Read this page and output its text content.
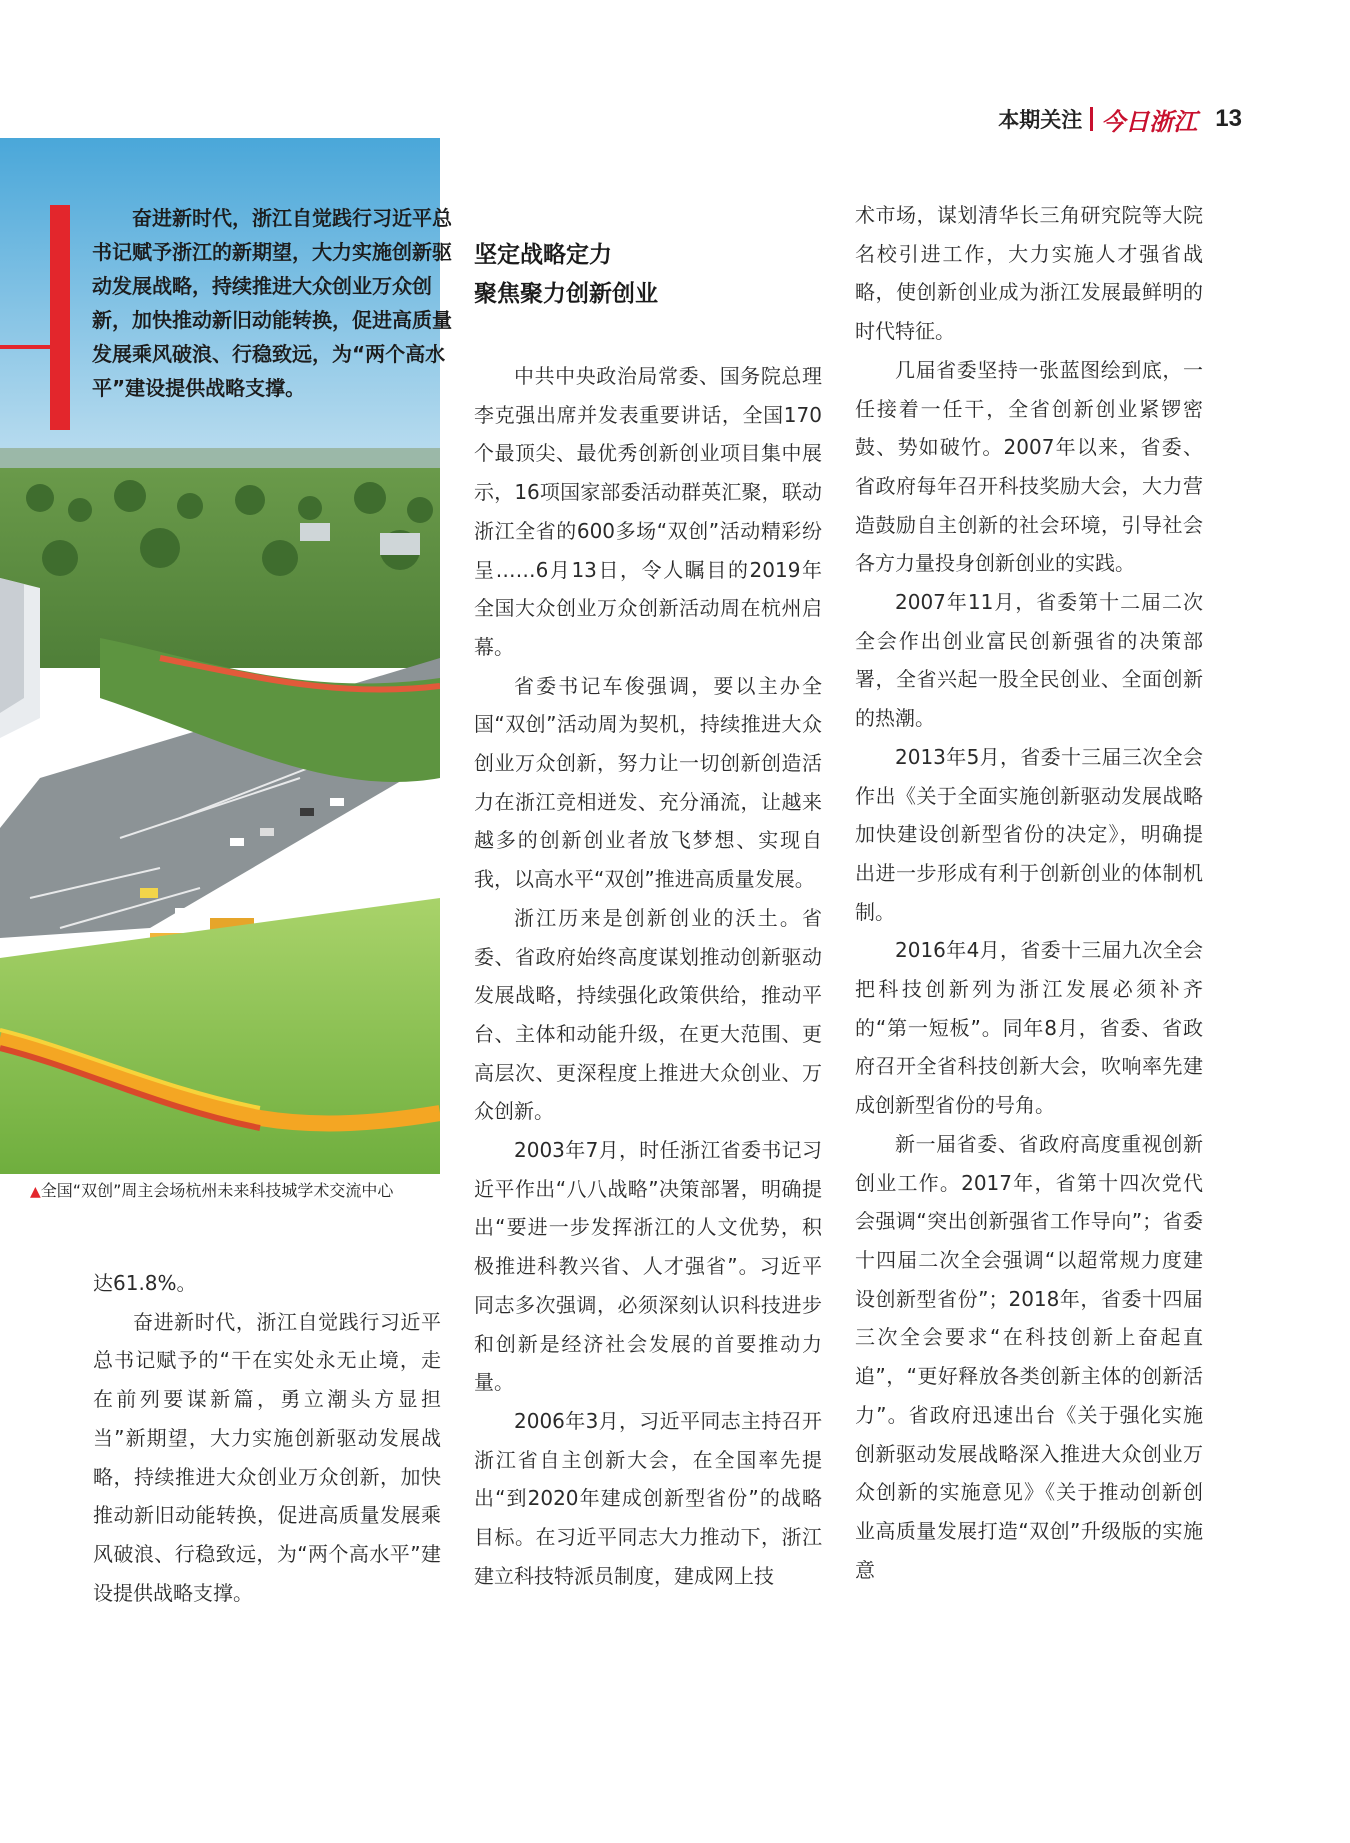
本期关注 今日浙江 13

奋进新时代，浙江自觉践行习近平总书记赋予浙江的新期望，大力实施创新驱动发展战略，持续推进大众创业万众创新，加快推动新旧动能转换，促进高质量发展乘风破浪、行稳致远，为“两个高水平”建设提供战略支撑。

▲全国“双创”周主会场杭州未来科技城学术交流中心
坚定战略定力
聚焦聚力创新创业

达61.8%。

奋进新时代，浙江自觉践行习近平总书记赋予的“干在实处永无止境，走在前列要谋新篇，勇立潮头方显担当”新期望，大力实施创新驱动发展战略，持续推进大众创业万众创新，加快推动新旧动能转换，促进高质量发展乘风破浪、行稳致远，为“两个高水平”建设提供战略支撑。

中共中央政治局常委、国务院总理李克强出席并发表重要讲话，全国170个最顶尖、最优秀创新创业项目集中展示，16项国家部委活动群英汇聚，联动浙江全省的600多场“双创”活动精彩纷呈……6月13日，令人瞩目的2019年全国大众创业万众创新活动周在杭州启幕。

省委书记车俊强调，要以主办全国“双创”活动周为契机，持续推进大众创业万众创新，努力让一切创新创造活力在浙江竞相迸发、充分涌流，让越来越多的创新创业者放飞梦想、实现自我，以高水平“双创”推进高质量发展。

浙江历来是创新创业的沃土。省委、省政府始终高度谋划推动创新驱动发展战略，持续强化政策供给，推动平台、主体和动能升级，在更大范围、更高层次、更深程度上推进大众创业、万众创新。

2003年7月，时任浙江省委书记习近平作出“八八战略”决策部署，明确提出“要进一步发挥浙江的人文优势，积极推进科教兴省、人才强省”。习近平同志多次强调，必须深刻认识科技进步和创新是经济社会发展的首要推动力量。

2006年3月，习近平同志主持召开浙江省自主创新大会，在全国率先提出“到2020年建成创新型省份”的战略目标。在习近平同志大力推动下，浙江建立科技特派员制度，建成网上技

术市场，谋划清华长三角研究院等大院名校引进工作，大力实施人才强省战略，使创新创业成为浙江发展最鲜明的时代特征。

几届省委坚持一张蓝图绘到底，一任接着一任干，全省创新创业紧锣密鼓、势如破竹。2007年以来，省委、省政府每年召开科技奖励大会，大力营造鼓励自主创新的社会环境，引导社会各方力量投身创新创业的实践。

2007年11月，省委第十二届二次全会作出创业富民创新强省的决策部署，全省兴起一股全民创业、全面创新的热潮。

2013年5月，省委十三届三次全会作出《关于全面实施创新驱动发展战略加快建设创新型省份的决定》，明确提出进一步形成有利于创新创业的体制机制。

2016年4月，省委十三届九次全会把科技创新列为浙江发展必须补齐的“第一短板”。同年8月，省委、省政府召开全省科技创新大会，吹响率先建成创新型省份的号角。

新一届省委、省政府高度重视创新创业工作。2017年，省第十四次党代会强调“突出创新强省工作导向”；省委十四届二次全会强调“以超常规力度建设创新型省份”；2018年，省委十四届三次全会要求“在科技创新上奋起直追”，“更好释放各类创新主体的创新活力”。省政府迅速出台《关于强化实施创新驱动发展战略深入推进大众创业万众创新的实施意见》《关于推动创新创业高质量发展打造“双创”升级版的实施意
